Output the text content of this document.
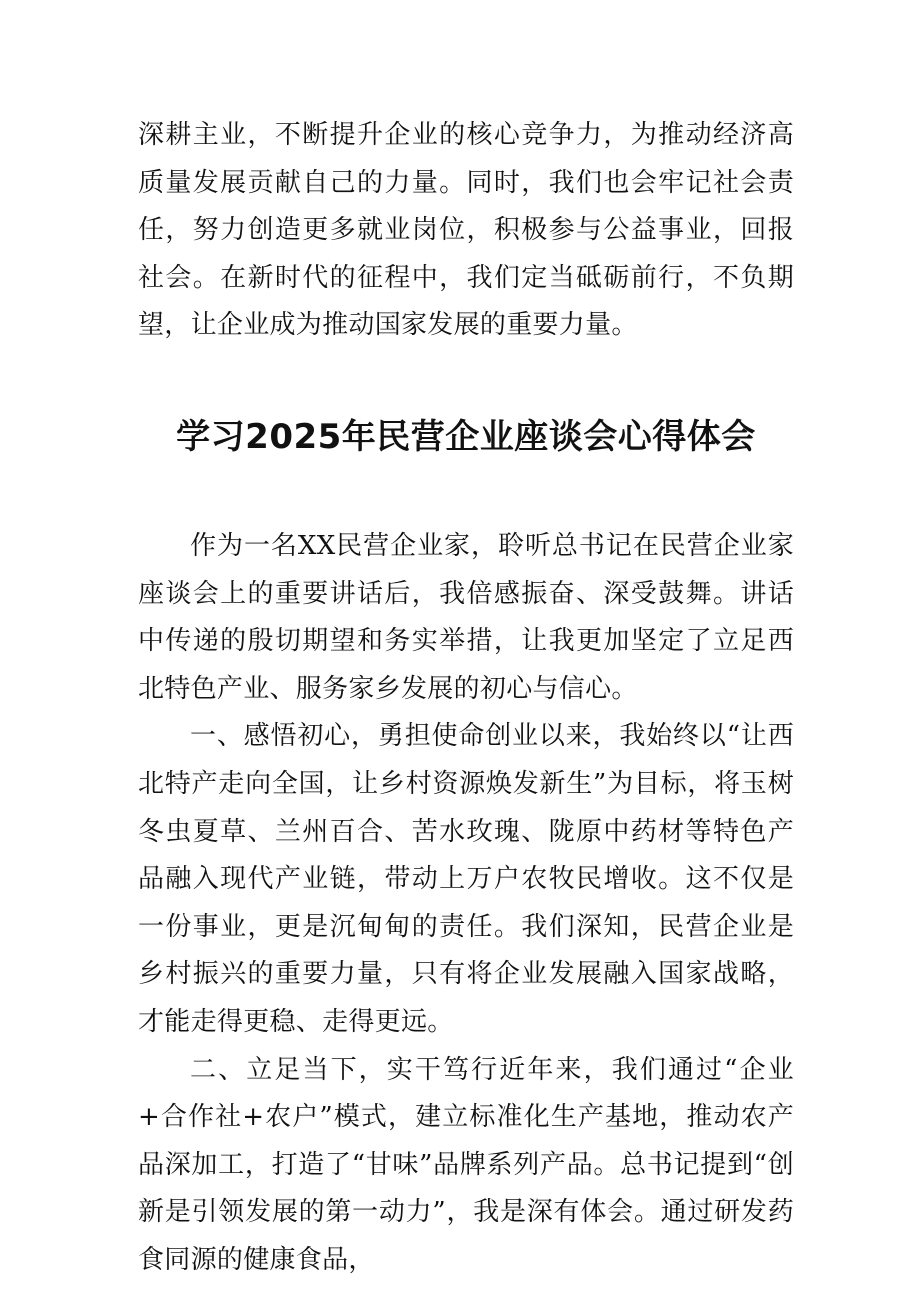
深耕主业，不断提升企业的核心竞争力，为推动经济高质量发展贡献自己的力量。同时，我们也会牢记社会责任，努力创造更多就业岗位，积极参与公益事业，回报社会。在新时代的征程中，我们定当砥砺前行，不负期望，让企业成为推动国家发展的重要力量。

学习2025年民营企业座谈会心得体会

作为一名XX民营企业家，聆听总书记在民营企业家座谈会上的重要讲话后，我倍感振奋、深受鼓舞。讲话中传递的殷切期望和务实举措，让我更加坚定了立足西北特色产业、服务家乡发展的初心与信心。

一、感悟初心，勇担使命创业以来，我始终以“让西北特产走向全国，让乡村资源焕发新生”为目标，将玉树冬虫夏草、兰州百合、苦水玫瑰、陇原中药材等特色产品融入现代产业链，带动上万户农牧民增收。这不仅是一份事业，更是沉甸甸的责任。我们深知，民营企业是乡村振兴的重要力量，只有将企业发展融入国家战略，才能走得更稳、走得更远。

二、立足当下，实干笃行近年来，我们通过“企业+合作社+农户”模式，建立标准化生产基地，推动农产品深加工，打造了“甘味”品牌系列产品。总书记提到“创新是引领发展的第一动力”，我是深有体会。通过研发药食同源的健康食品，
